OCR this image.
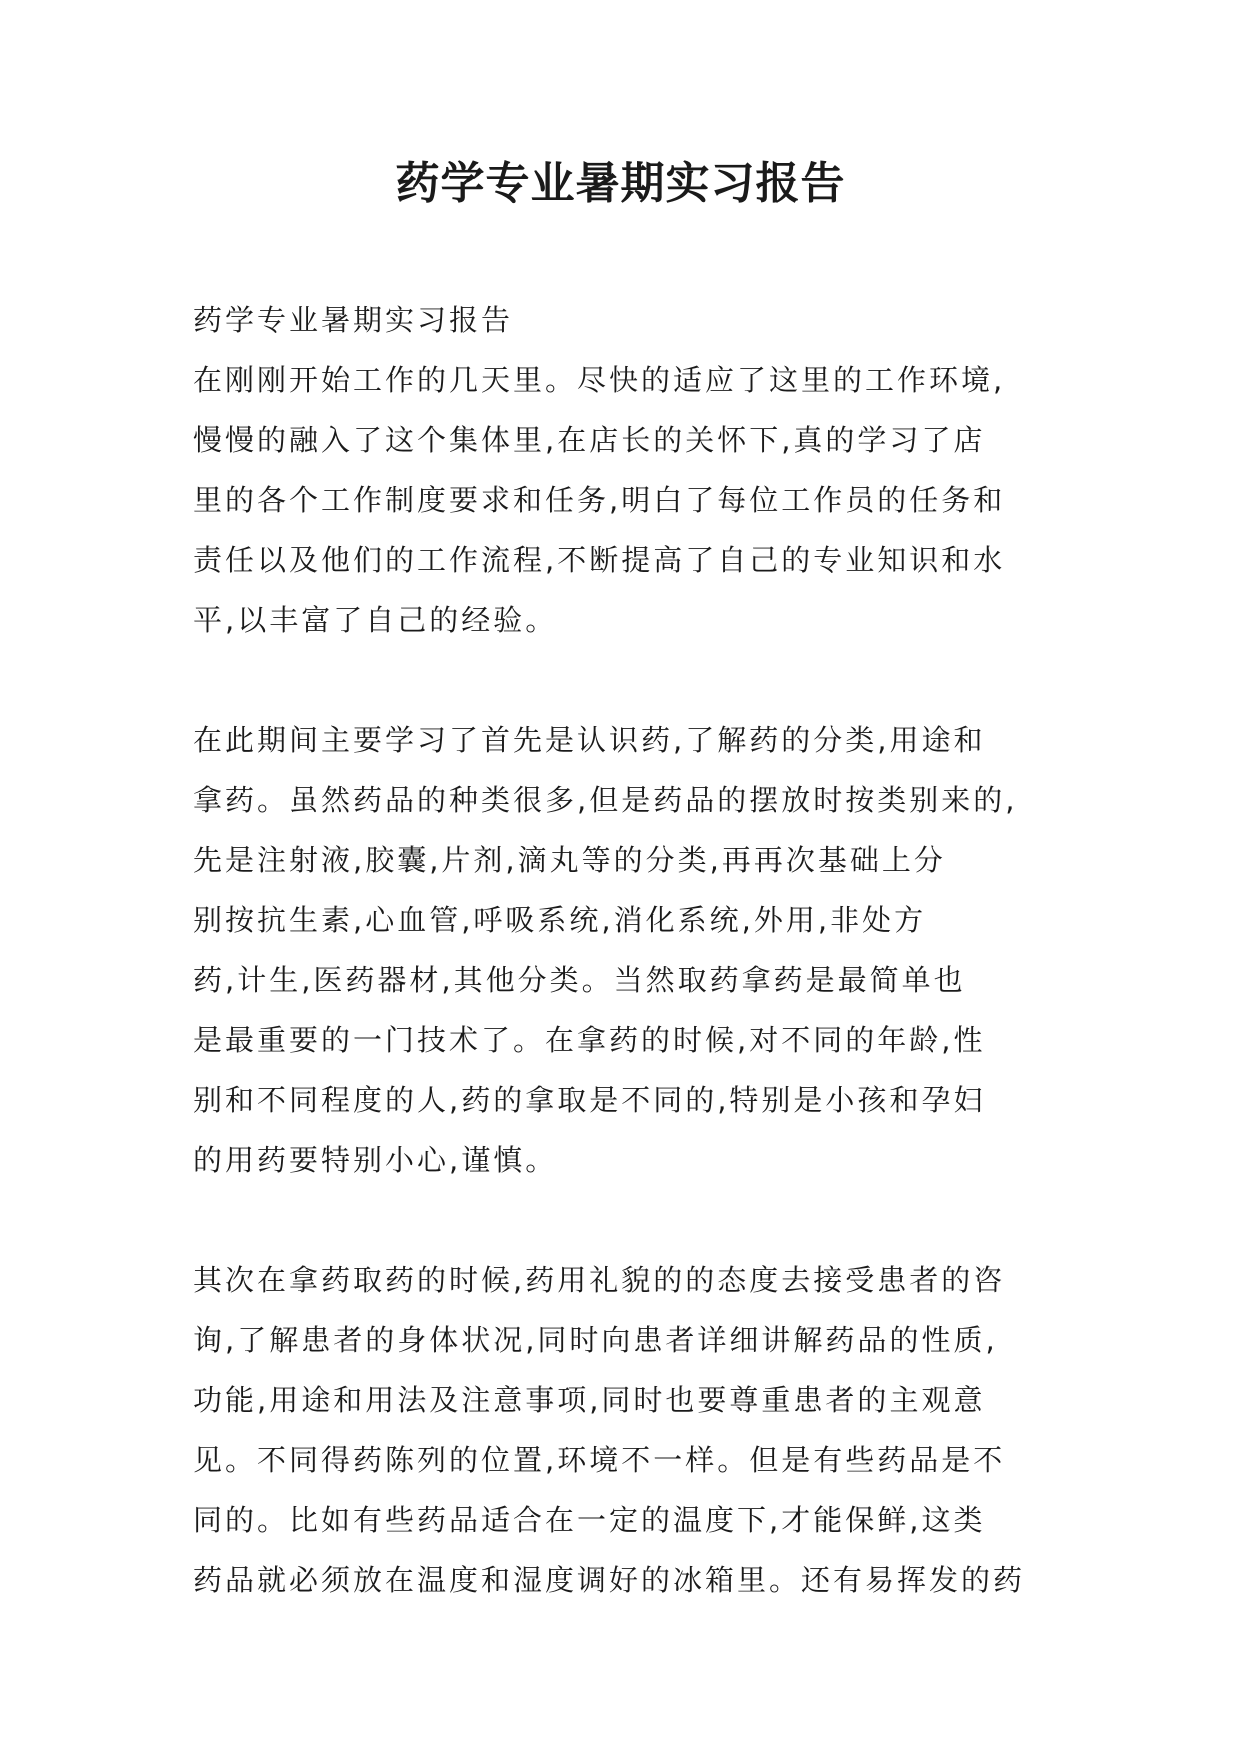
药学专业暑期实习报告
药学专业暑期实习报告
在刚刚开始工作的几天里。尽快的适应了这里的工作环境,
慢慢的融入了这个集体里,在店长的关怀下,真的学习了店
里的各个工作制度要求和任务,明白了每位工作员的任务和
责任以及他们的工作流程,不断提高了自己的专业知识和水
平,以丰富了自己的经验。
在此期间主要学习了首先是认识药,了解药的分类,用途和
拿药。虽然药品的种类很多,但是药品的摆放时按类别来的,
先是注射液,胶囊,片剂,滴丸等的分类,再再次基础上分
别按抗生素,心血管,呼吸系统,消化系统,外用,非处方
药,计生,医药器材,其他分类。当然取药拿药是最简单也
是最重要的一门技术了。在拿药的时候,对不同的年龄,性
别和不同程度的人,药的拿取是不同的,特别是小孩和孕妇
的用药要特别小心,谨慎。
其次在拿药取药的时候,药用礼貌的的态度去接受患者的咨
询,了解患者的身体状况,同时向患者详细讲解药品的性质,
功能,用途和用法及注意事项,同时也要尊重患者的主观意
见。不同得药陈列的位置,环境不一样。但是有些药品是不
同的。比如有些药品适合在一定的温度下,才能保鲜,这类
药品就必须放在温度和湿度调好的冰箱里。还有易挥发的药
